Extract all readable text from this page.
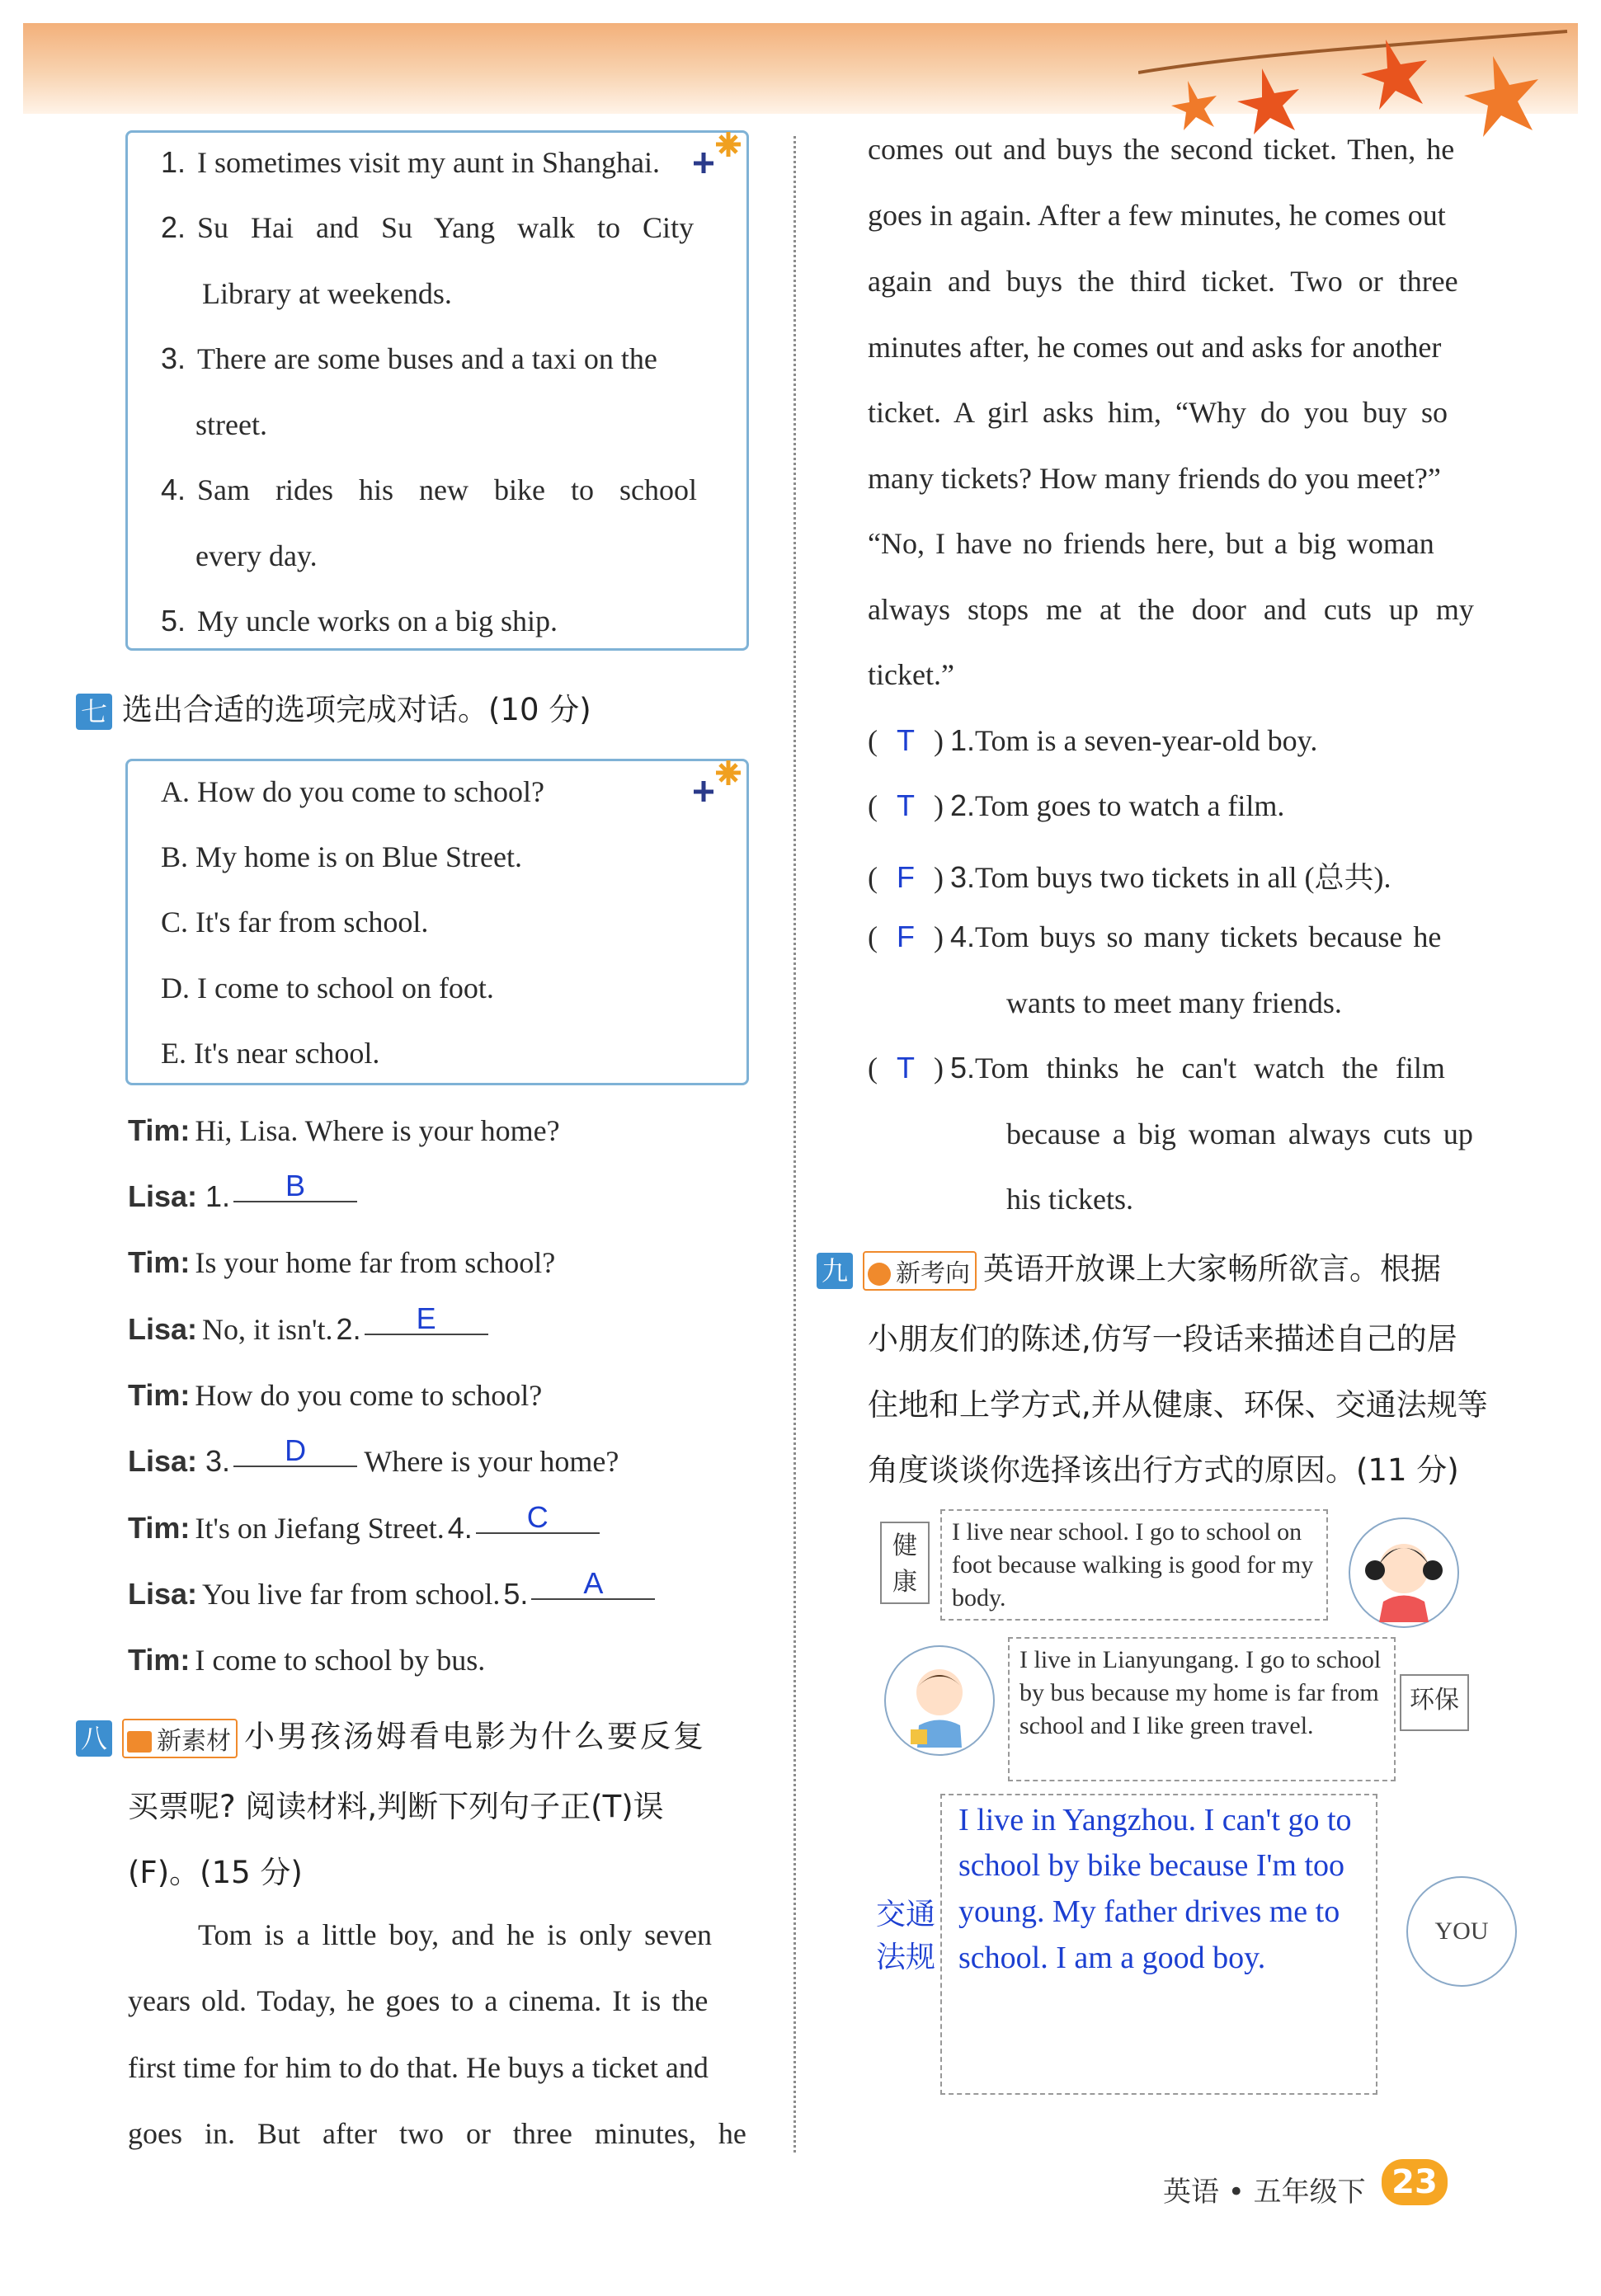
1. I sometimes visit my aunt in Shanghai.
2. Su Hai and Su Yang walk to City
Library at weekends.
3. There are some buses and a taxi on the
street.
4. Sam rides his new bike to school
every day.
5. My uncle works on a big ship.
七 选出合适的选项完成对话。(10 分)
A. How do you come to school?
B. My home is on Blue Street.
C. It's far from school.
D. I come to school on foot.
E. It's near school.
Tim: Hi, Lisa. Where is your home?
Lisa: 1. B
Tim: Is your home far from school?
Lisa: No, it isn't. 2. E
Tim: How do you come to school?
Lisa: 3. D Where is your home?
Tim: It's on Jiefang Street. 4. C
Lisa: You live far from school. 5. A
Tim: I come to school by bus.
八 新素材 小男孩汤姆看电影为什么要反复
买票呢? 阅读材料,判断下列句子正(T)误
(F)。(15 分)
Tom is a little boy, and he is only seven
years old. Today, he goes to a cinema. It is the
first time for him to do that. He buys a ticket and
goes in. But after two or three minutes, he
comes out and buys the second ticket. Then, he
goes in again. After a few minutes, he comes out
again and buys the third ticket. Two or three
minutes after, he comes out and asks for another
ticket. A girl asks him, “Why do you buy so
many tickets? How many friends do you meet?”
“No, I have no friends here, but a big woman
always stops me at the door and cuts up my
ticket.”
( T ) 1.Tom is a seven-year-old boy.
( T ) 2.Tom goes to watch a film.
( F ) 3.Tom buys two tickets in all (总共).
( F ) 4.Tom buys so many tickets because he
wants to meet many friends.
( T ) 5.Tom thinks he can't watch the film
because a big woman always cuts up
his tickets.
九 新考向 英语开放课上大家畅所欲言。根据
小朋友们的陈述,仿写一段话来描述自己的居
住地和上学方式,并从健康、环保、交通法规等
角度谈谈你选择该出行方式的原因。(11 分)
健康
I live near school. I go to school on foot because walking is good for my body.
I live in Lianyungang. I go to school by bus because my home is far from school and I like green travel.
环保
交通法规
I live in Yangzhou. I can't go to
school by bike because I'm too
young. My father drives me to
school. I am a good boy.
YOU
英语 • 五年级下 23
